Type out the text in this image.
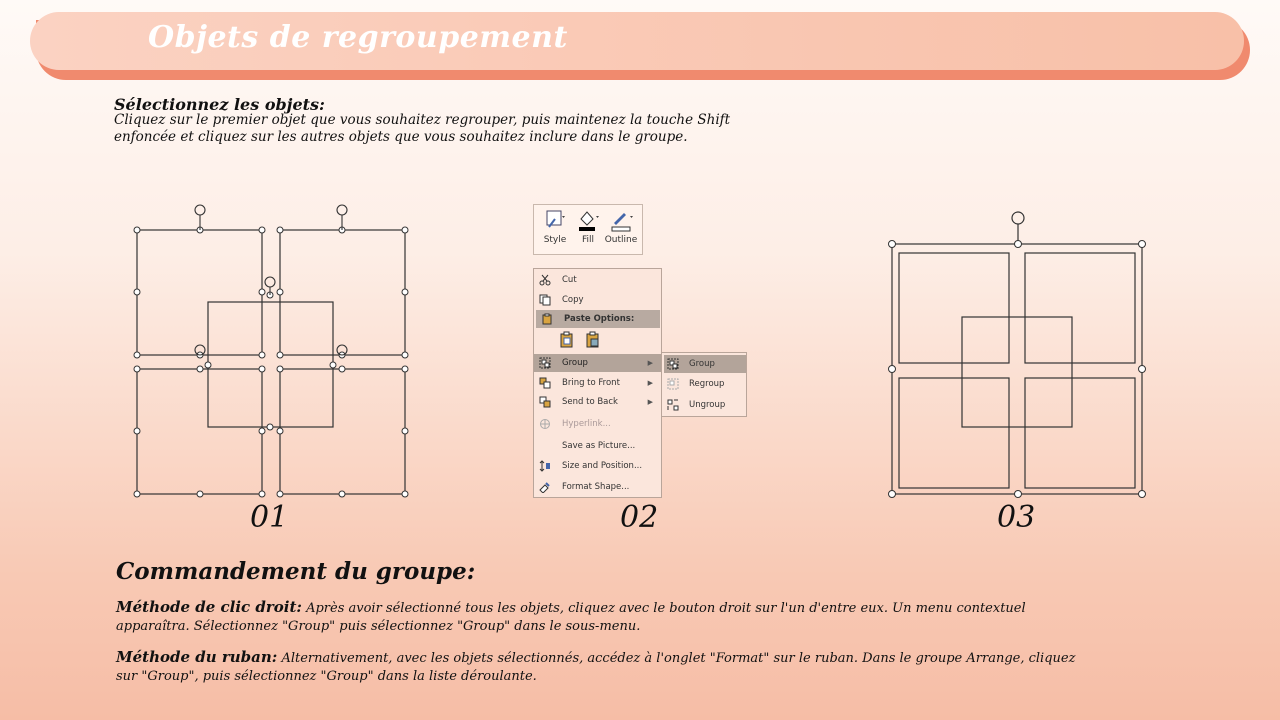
Objets de regroupement
Sélectionnez les objets:
Cliquez sur le premier objet que vous souhaitez regrouper, puis maintenez la touche Shift enfoncée et cliquez sur les autres objets que vous souhaitez inclure dans le groupe.
01
Style	Fill	Outline
Cut
Copy
Paste Options:
Group	▶
Bring to Front	▶
Send to Back	▶
Hyperlink...
Save as Picture...
Size and Position...
Format Shape...
Group
Regroup
Ungroup
02	03
Commandement du groupe:
Méthode de clic droit: Après avoir sélectionné tous les objets, cliquez avec le bouton droit sur l'un d'entre eux. Un menu contextuel apparaîtra. Sélectionnez "Group" puis sélectionnez "Group" dans le sous-menu.
Méthode du ruban: Alternativement, avec les objets sélectionnés, accédez à l'onglet "Format" sur le ruban. Dans le groupe Arrange, cliquez sur "Group", puis sélectionnez "Group" dans la liste déroulante.
